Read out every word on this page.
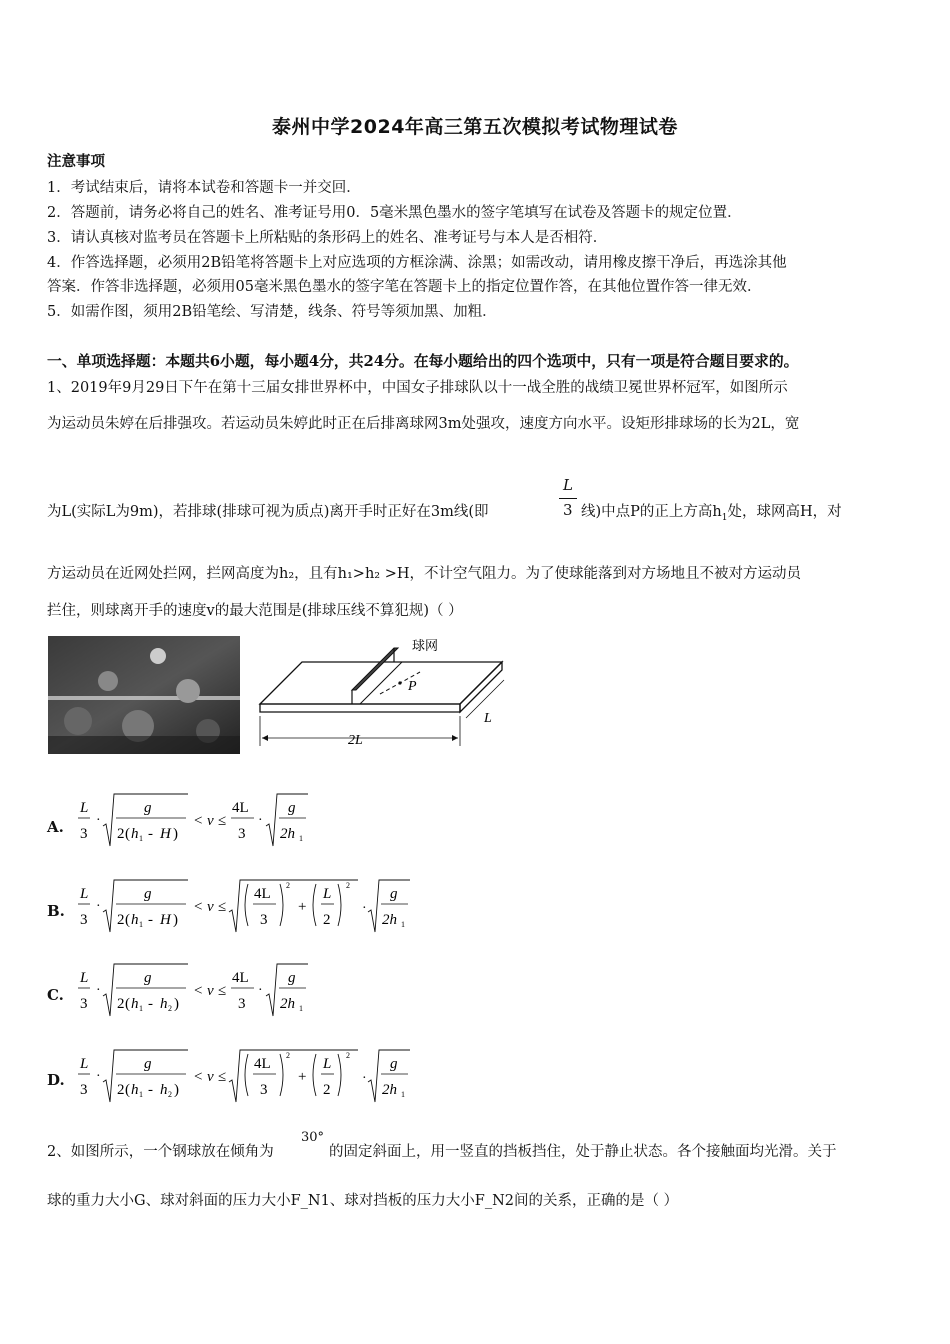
泰州中学2024年高三第五次模拟考试物理试卷
注意事项
1．考试结束后，请将本试卷和答题卡一并交回．
2．答题前，请务必将自己的姓名、准考证号用0．5毫米黑色墨水的签字笔填写在试卷及答题卡的规定位置．
3．请认真核对监考员在答题卡上所粘贴的条形码上的姓名、准考证号与本人是否相符．
4．作答选择题，必须用2B铅笔将答题卡上对应选项的方框涂满、涂黑；如需改动，请用橡皮擦干净后，再选涂其他
答案．作答非选择题，必须用05毫米黑色墨水的签字笔在答题卡上的指定位置作答，在其他位置作答一律无效．
5．如需作图，须用2B铅笔绘、写清楚，线条、符号等须加黑、加粗．
一、单项选择题：本题共6小题，每小题4分，共24分。在每小题给出的四个选项中，只有一项是符合题目要求的。
1、2019年9月29日下午在第十三届女排世界杯中，中国女子排球队以十一战全胜的战绩卫冕世界杯冠军，如图所示
为运动员朱婷在后排强攻。若运动员朱婷此时正在后排离球网3m处强攻，速度方向水平。设矩形排球场的长为2L，宽
为L(实际L为9m)，若排球(排球可视为质点)离开手时正好在3m线(即
L
3 线)中点P的正上方高$h_1$处，球网高H，对
方运动员在近网处拦网，拦网高度为h₂，且有h₁>h₂ >H，不计空气阻力。为了使球能落到对方场地且不被对方运动员
拦住，则球离开手的速度v的最大范围是(排球压线不算犯规)（ ）
球网
P
2L
L
A.
L
3
·
g
2 ( h 1 - H )
< v ≤
4L
3
·
g
2h 1
B.
L
3
·
g
2 ( h 1 - H )
< v ≤
4L
3
2
+
L
2
2
·
g
2h 1
C.
L
3
·
g
2 ( h 1 - h 2 )
< v ≤
4L
3
·
g
2h 1
D.
L
3
·
g
2 ( h 1 - h 2 )
< v ≤
4L
3
2
+
L
2
2
·
g
2h 1
2、如图所示，一个钢球放在倾角为
30°
的固定斜面上，用一竖直的挡板挡住，处于静止状态。各个接触面均光滑。关于
球的重力大小G、球对斜面的压力大小F_N1、球对挡板的压力大小F_N2间的关系，正确的是（ ）
